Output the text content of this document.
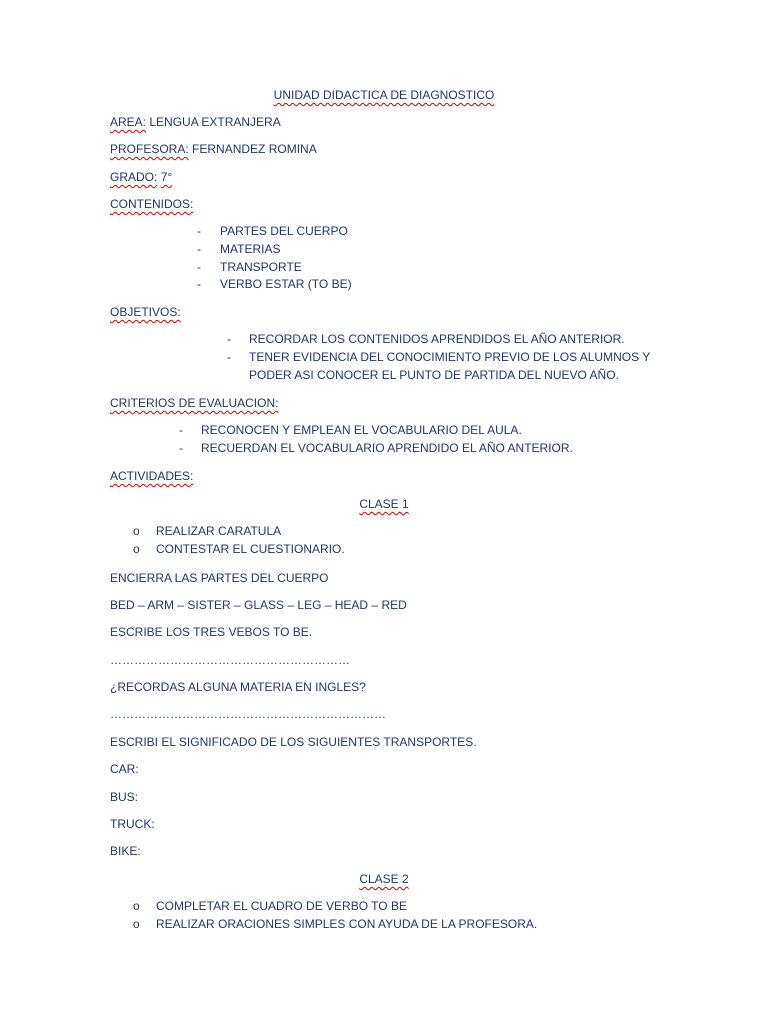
UNIDAD DIDACTICA DE DIAGNOSTICO
AREA: LENGUA EXTRANJERA
PROFESORA: FERNANDEZ ROMINA
GRADO: 7°
CONTENIDOS:
- PARTES DEL CUERPO
- MATERIAS
- TRANSPORTE
- VERBO ESTAR (TO BE)
OBJETIVOS:
- RECORDAR LOS CONTENIDOS APRENDIDOS EL AÑO ANTERIOR.
- TENER EVIDENCIA DEL CONOCIMIENTO PREVIO DE LOS ALUMNOS Y
PODER ASI CONOCER EL PUNTO DE PARTIDA DEL NUEVO AÑO.
CRITERIOS DE EVALUACION:
- RECONOCEN Y EMPLEAN EL VOCABULARIO DEL AULA.
- RECUERDAN EL VOCABULARIO APRENDIDO EL AÑO ANTERIOR.
ACTIVIDADES:
CLASE 1
o REALIZAR CARATULA
o CONTESTAR EL CUESTIONARIO.
ENCIERRA LAS PARTES DEL CUERPO
BED – ARM – SISTER – GLASS – LEG – HEAD – RED
ESCRIBE LOS TRES VEBOS TO BE.
……………………………………………………
¿RECORDAS ALGUNA MATERIA EN INGLES?
……………………………………………………………
ESCRIBI EL SIGNIFICADO DE LOS SIGUIENTES TRANSPORTES.
CAR:
BUS:
TRUCK:
BIKE:
CLASE 2
o COMPLETAR EL CUADRO DE VERBO TO BE
o REALIZAR ORACIONES SIMPLES CON AYUDA DE LA PROFESORA.
